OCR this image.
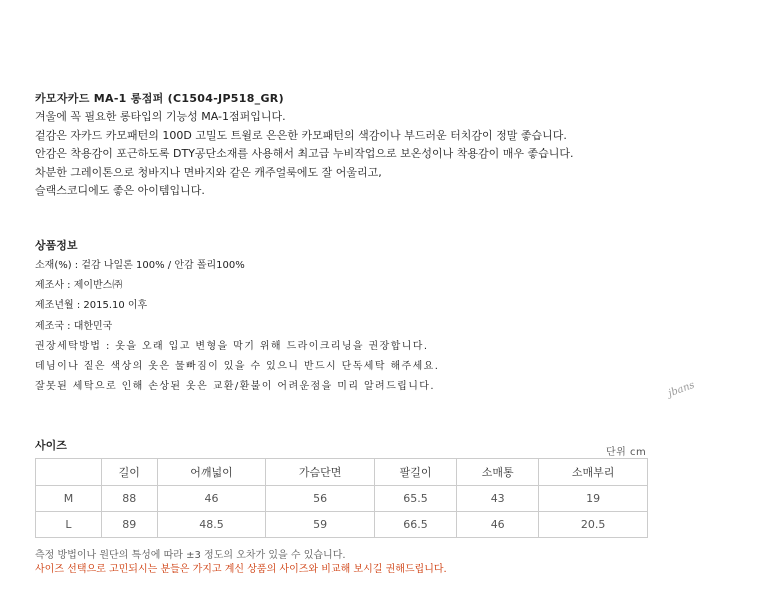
카모자카드 MA-1 롱점퍼 (C1504-JP518_GR)
겨울에 꼭 필요한 롱타입의 기능성 MA-1점퍼입니다.
겉감은 자카드 카모패턴의 100D 고밀도 트윌로 은은한 카모패턴의 색감이나 부드러운 터치감이 정말 좋습니다.
안감은 착용감이 포근하도록 DTY공단소재를 사용해서 최고급 누비작업으로 보온성이나 착용감이 매우 좋습니다.
차분한 그레이톤으로 청바지나 면바지와 같은 캐주얼룩에도 잘 어울리고,
슬랙스코디에도 좋은 아이템입니다.
상품정보
소재(%) : 겉감 나일론 100% / 안감 폴리100%
제조사 : 제이반스㈜
제조년월 : 2015.10 이후
제조국 : 대한민국
권장세탁방법 : 옷을 오래 입고 변형을 막기 위해 드라이크리닝을 권장합니다.
데님이나 짙은 색상의 옷은 물빠짐이 있을 수 있으니 반드시 단독세탁 해주세요.
잘못된 세탁으로 인해 손상된 옷은 교환/환불이 어려운점을 미리 알려드립니다.	jbans
사이즈
단위 cm
	길이	어깨넓이	가슴단면	팔길이	소매통	소매부리
M	88	46	56	65.5	43	19
L	89	48.5	59	66.5	46	20.5
측정 방법이나 원단의 특성에 따라 ±3 정도의 오차가 있을 수 있습니다.
사이즈 선택으로 고민되시는 분들은 가지고 계신 상품의 사이즈와 비교해 보시길 권해드립니다.
